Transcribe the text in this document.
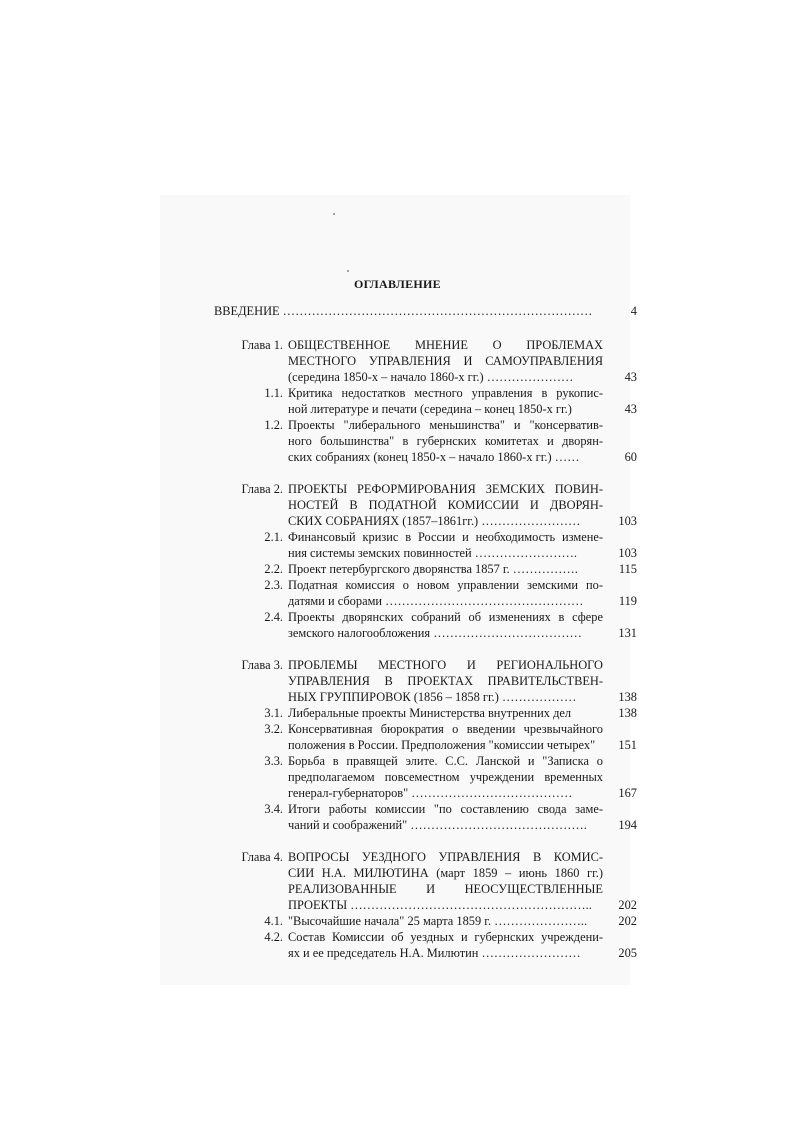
ОГЛАВЛЕНИЕ
ВВЕДЕНИЕ …………………………………………………………………	4
Глава 1. ОБЩЕСТВЕННОЕ МНЕНИЕ О ПРОБЛЕМАХ
МЕСТНОГО УПРАВЛЕНИЯ И САМОУПРАВЛЕНИЯ
(середина 1850-х – начало 1860-х гг.) …………………	43
1.1. Критика недостатков местного управления в рукопис-
ной литературе и печати (середина – конец 1850-х гг.)	43
1.2. Проекты "либерального меньшинства" и "консерватив-
ного большинства" в губернских комитетах и дворян-
ских собраниях (конец 1850-х – начало 1860-х гг.) ……	60
Глава 2. ПРОЕКТЫ РЕФОРМИРОВАНИЯ ЗЕМСКИХ ПОВИН-
НОСТЕЙ В ПОДАТНОЙ КОМИССИИ И ДВОРЯН-
СКИХ СОБРАНИЯХ (1857–1861гг.) ……………………	103
2.1. Финансовый кризис в России и необходимость измене-
ния системы земских повинностей …………………….	103
2.2. Проект петербургского дворянства 1857 г. …………….	115
2.3. Податная комиссия о новом управлении земскими по-
датями и сборами …………………………………………	119
2.4. Проекты дворянских собраний об изменениях в сфере
земского налогообложения ………………………………	131
Глава 3. ПРОБЛЕМЫ МЕСТНОГО И РЕГИОНАЛЬНОГО
УПРАВЛЕНИЯ В ПРОЕКТАХ ПРАВИТЕЛЬСТВЕН-
НЫХ ГРУППИРОВОК (1856 – 1858 гг.) ………………	138
3.1. Либеральные проекты Министерства внутренних дел	138
3.2. Консервативная бюрократия о введении чрезвычайного
положения в России. Предположения "комиссии четырех"	151
3.3. Борьба в правящей элите. С.С. Ланской и "Записка о
предполагаемом повсеместном учреждении временных
генерал-губернаторов" …………………………………	167
3.4. Итоги работы комиссии "по составлению свода заме-
чаний и соображений" …………………………………….	194
Глава 4. ВОПРОСЫ УЕЗДНОГО УПРАВЛЕНИЯ В КОМИС-
СИИ Н.А. МИЛЮТИНА (март 1859 – июнь 1860 гг.)
РЕАЛИЗОВАННЫЕ И НЕОСУЩЕСТВЛЕННЫЕ
ПРОЕКТЫ …………………………………………………..	202
4.1. "Высочайшие начала" 25 марта 1859 г. …………………..	202
4.2. Состав Комиссии об уездных и губернских учреждени-
ях и ее председатель Н.А. Милютин ……………………	205
